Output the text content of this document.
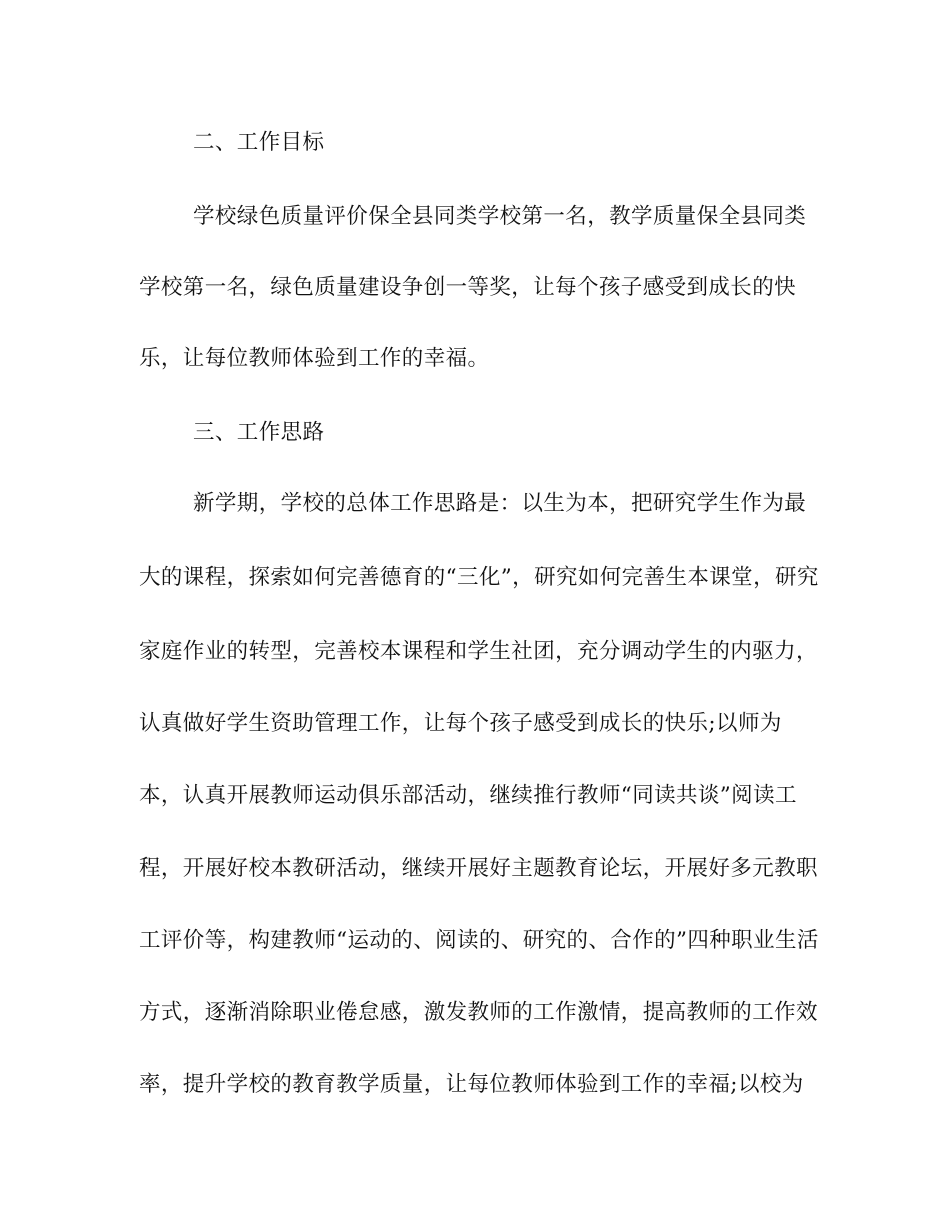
二、工作目标
学校绿色质量评价保全县同类学校第一名，教学质量保全县同类
学校第一名，绿色质量建设争创一等奖，让每个孩子感受到成长的快
乐，让每位教师体验到工作的幸福。
三、工作思路
新学期，学校的总体工作思路是：以生为本，把研究学生作为最
大的课程，探索如何完善德育的“三化”，研究如何完善生本课堂，研究
家庭作业的转型，完善校本课程和学生社团，充分调动学生的内驱力，
认真做好学生资助管理工作，让每个孩子感受到成长的快乐;以师为
本，认真开展教师运动俱乐部活动，继续推行教师“同读共谈”阅读工
程，开展好校本教研活动，继续开展好主题教育论坛，开展好多元教职
工评价等，构建教师“运动的、阅读的、研究的、合作的”四种职业生活
方式，逐渐消除职业倦怠感，激发教师的工作激情，提高教师的工作效
率，提升学校的教育教学质量，让每位教师体验到工作的幸福;以校为
